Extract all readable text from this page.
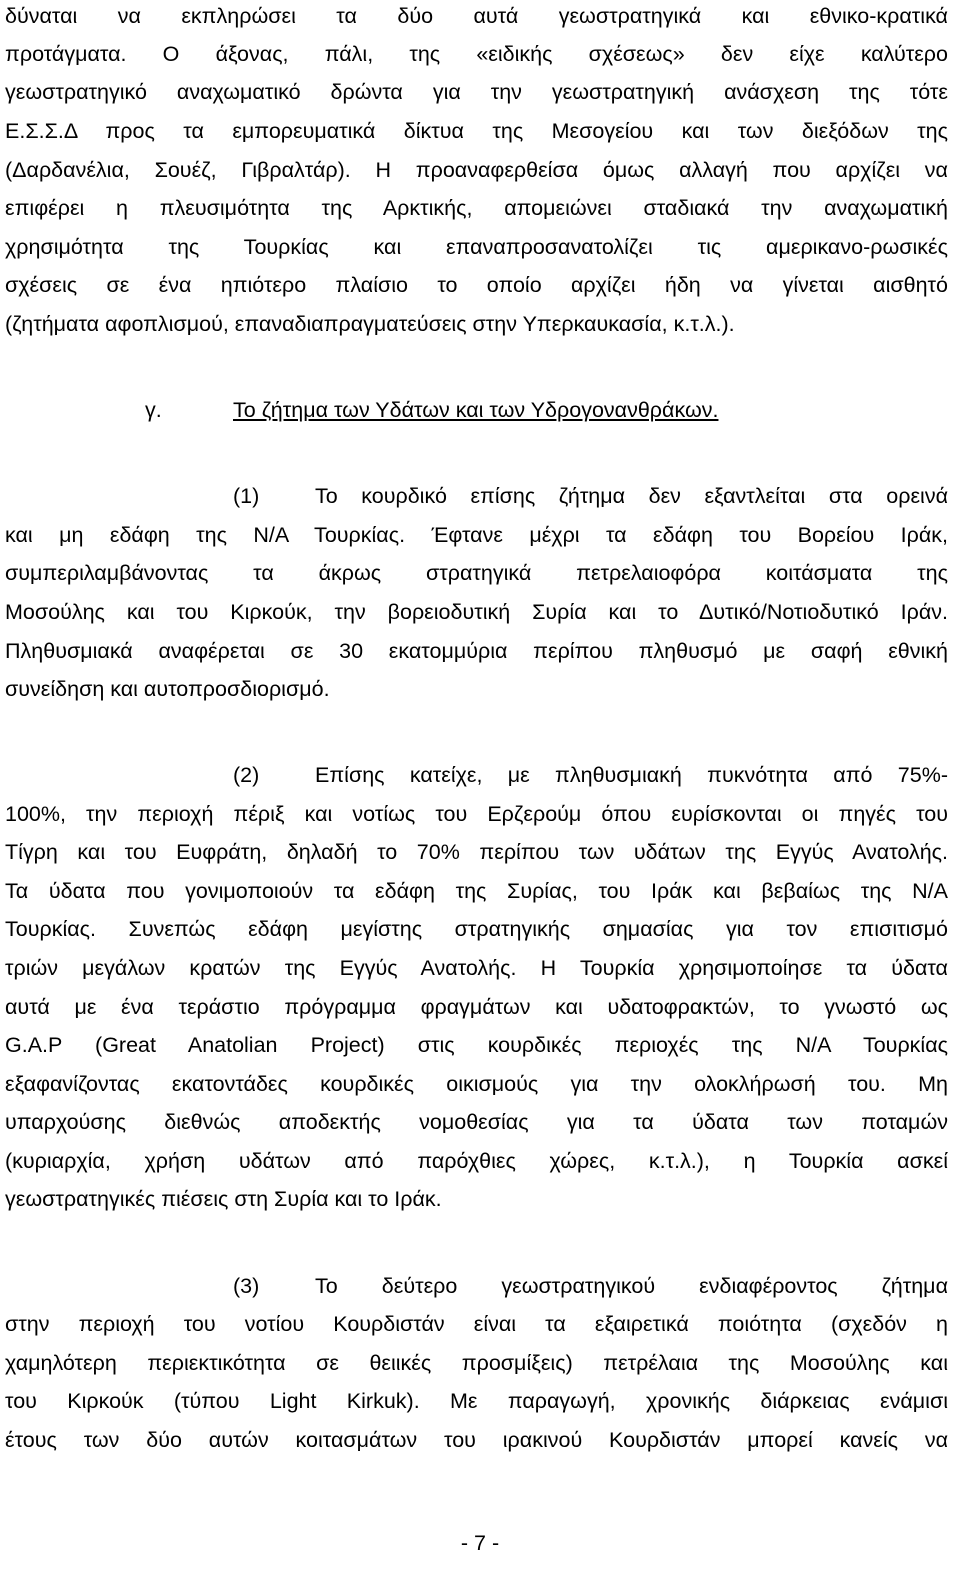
δύναται να εκπληρώσει τα δύο αυτά γεωστρατηγικά και εθνικο-κρατικά
προτάγματα. Ο άξονας, πάλι, της «ειδικής σχέσεως» δεν είχε καλύτερο
γεωστρατηγικό αναχωματικό δρώντα για την γεωστρατηγική ανάσχεση της τότε
Ε.Σ.Σ.Δ προς τα εμπορευματικά δίκτυα της Μεσογείου και των διεξόδων της
(Δαρδανέλια, Σουέζ, Γιβραλτάρ). Η προαναφερθείσα όμως αλλαγή που αρχίζει να
επιφέρει η πλευσιμότητα της Αρκτικής, απομειώνει σταδιακά την αναχωματική
χρησιμότητα της Τουρκίας και επαναπροσανατολίζει τις αμερικανο-ρωσικές
σχέσεις σε ένα ηπιότερο πλαίσιο το οποίο αρχίζει ήδη να γίνεται αισθητό
(ζητήματα αφοπλισμού, επαναδιαπραγματεύσεις στην Υπερκαυκασία, κ.τ.λ.).
γ.	Το ζήτημα των Υδάτων και των Υδρογονανθράκων.
(1)	Το κουρδικό επίσης ζήτημα δεν εξαντλείται στα ορεινά
και μη εδάφη της Ν/Α Τουρκίας. Έφτανε μέχρι τα εδάφη του Βορείου Ιράκ,
συμπεριλαμβάνοντας τα άκρως στρατηγικά πετρελαιοφόρα κοιτάσματα της
Μοσούλης και του Κιρκούκ, την βορειοδυτική Συρία και το Δυτικό/Νοτιοδυτικό Ιράν.
Πληθυσμιακά αναφέρεται σε 30 εκατομμύρια περίπου πληθυσμό με σαφή εθνική
συνείδηση και αυτοπροσδιορισμό.
(2)	Επίσης κατείχε, με πληθυσμιακή πυκνότητα από 75%-
100%, την περιοχή πέριξ και νοτίως του Ερζερούμ όπου ευρίσκονται οι πηγές του
Τίγρη και του Ευφράτη, δηλαδή το 70% περίπου των υδάτων της Εγγύς Ανατολής.
Τα ύδατα που γονιμοποιούν τα εδάφη της Συρίας, του Ιράκ και βεβαίως της Ν/Α
Τουρκίας. Συνεπώς εδάφη μεγίστης στρατηγικής σημασίας για τον επισιτισμό
τριών μεγάλων κρατών της Εγγύς Ανατολής. Η Τουρκία χρησιμοποίησε τα ύδατα
αυτά με ένα τεράστιο πρόγραμμα φραγμάτων και υδατοφρακτών, το γνωστό ως
G.A.P (Great Anatolian Project) στις κουρδικές περιοχές της Ν/Α Τουρκίας
εξαφανίζοντας εκατοντάδες κουρδικές οικισμούς για την ολοκλήρωσή του. Μη
υπαρχούσης διεθνώς αποδεκτής νομοθεσίας για τα ύδατα των ποταμών
(κυριαρχία, χρήση υδάτων από παρόχθιες χώρες, κ.τ.λ.), η Τουρκία ασκεί
γεωστρατηγικές πιέσεις στη Συρία και το Ιράκ.
(3)	Το δεύτερο γεωστρατηγικού ενδιαφέροντος ζήτημα
στην περιοχή του νοτίου Κουρδιστάν είναι τα εξαιρετικά ποιότητα (σχεδόν η
χαμηλότερη περιεκτικότητα σε θειικές προσμίξεις) πετρέλαια της Μοσούλης και
του Κιρκούκ (τύπου Light Kirkuk). Με παραγωγή, χρονικής διάρκειας ενάμισι
έτους των δύο αυτών κοιτασμάτων του ιρακινού Κουρδιστάν μπορεί κανείς να
- 7 -
